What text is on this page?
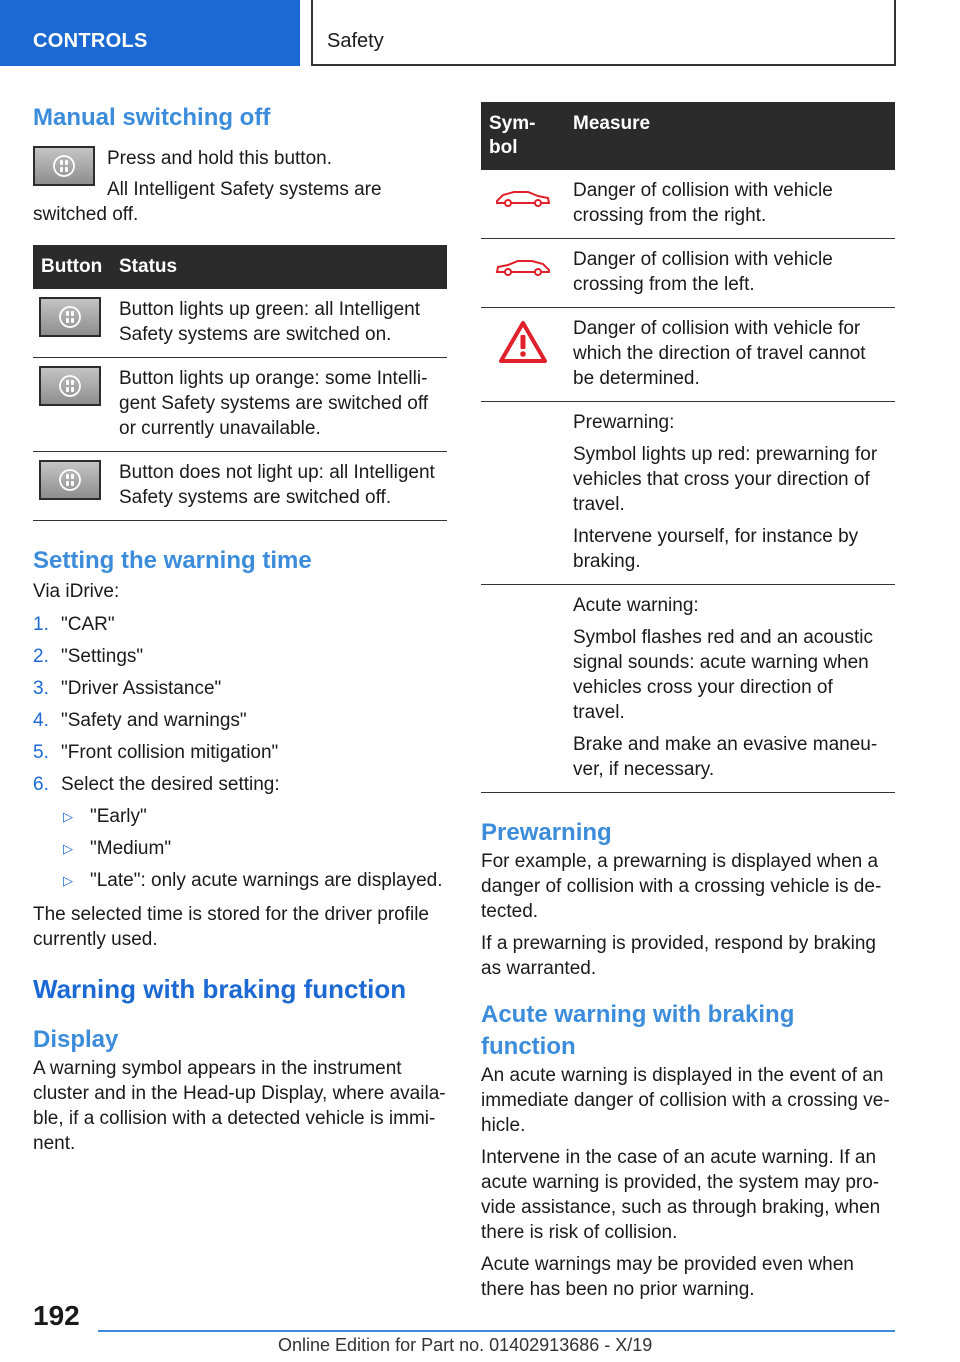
CONTROLS	Safety
Manual switching off

Press and hold this button.

All Intelligent Safety systems are

switched off.

Button	Status

	Button lights up green: all Intelligent Safety systems are switched on.

	Button lights up orange: some Intelligent Safety systems are switched off or currently unavailable.

	Button does not light up: all Intelligent Safety systems are switched off.
Setting the warning time

Via iDrive:

1. "CAR"
2. "Settings"
3. "Driver Assistance"
4. "Safety and warnings"
5. "Front collision mitigation"
6. Select the desired setting:
▷ "Early"
▷ "Medium"
▷ "Late": only acute warnings are displayed.

The selected time is stored for the driver profile currently used.

Warning with braking function
Display

A warning symbol appears in the instrument cluster and in the Head-up Display, where available, if a collision with a detected vehicle is imminent.

Symbol	Measure
	Danger of collision with vehicle crossing from the right.
	Danger of collision with vehicle crossing from the left.
	Danger of collision with vehicle for which the direction of travel cannot be determined.

	Prewarning:

Symbol lights up red: prewarning for vehicles that cross your direction of travel.

Intervene yourself, for instance by braking.

	Acute warning:

Symbol flashes red and an acoustic signal sounds: acute warning when vehicles cross your direction of travel.

Brake and make an evasive maneuver, if necessary.

Prewarning

For example, a prewarning is displayed when a danger of collision with a crossing vehicle is detected.

If a prewarning is provided, respond by braking as warranted.

Acute warning with braking function

An acute warning is displayed in the event of an immediate danger of collision with a crossing vehicle.

Intervene in the case of an acute warning. If an acute warning is provided, the system may provide assistance, such as through braking, when there is risk of collision.

Acute warnings may be provided even when there has been no prior warning.

192
Online Edition for Part no. 01402913686 - X/19
